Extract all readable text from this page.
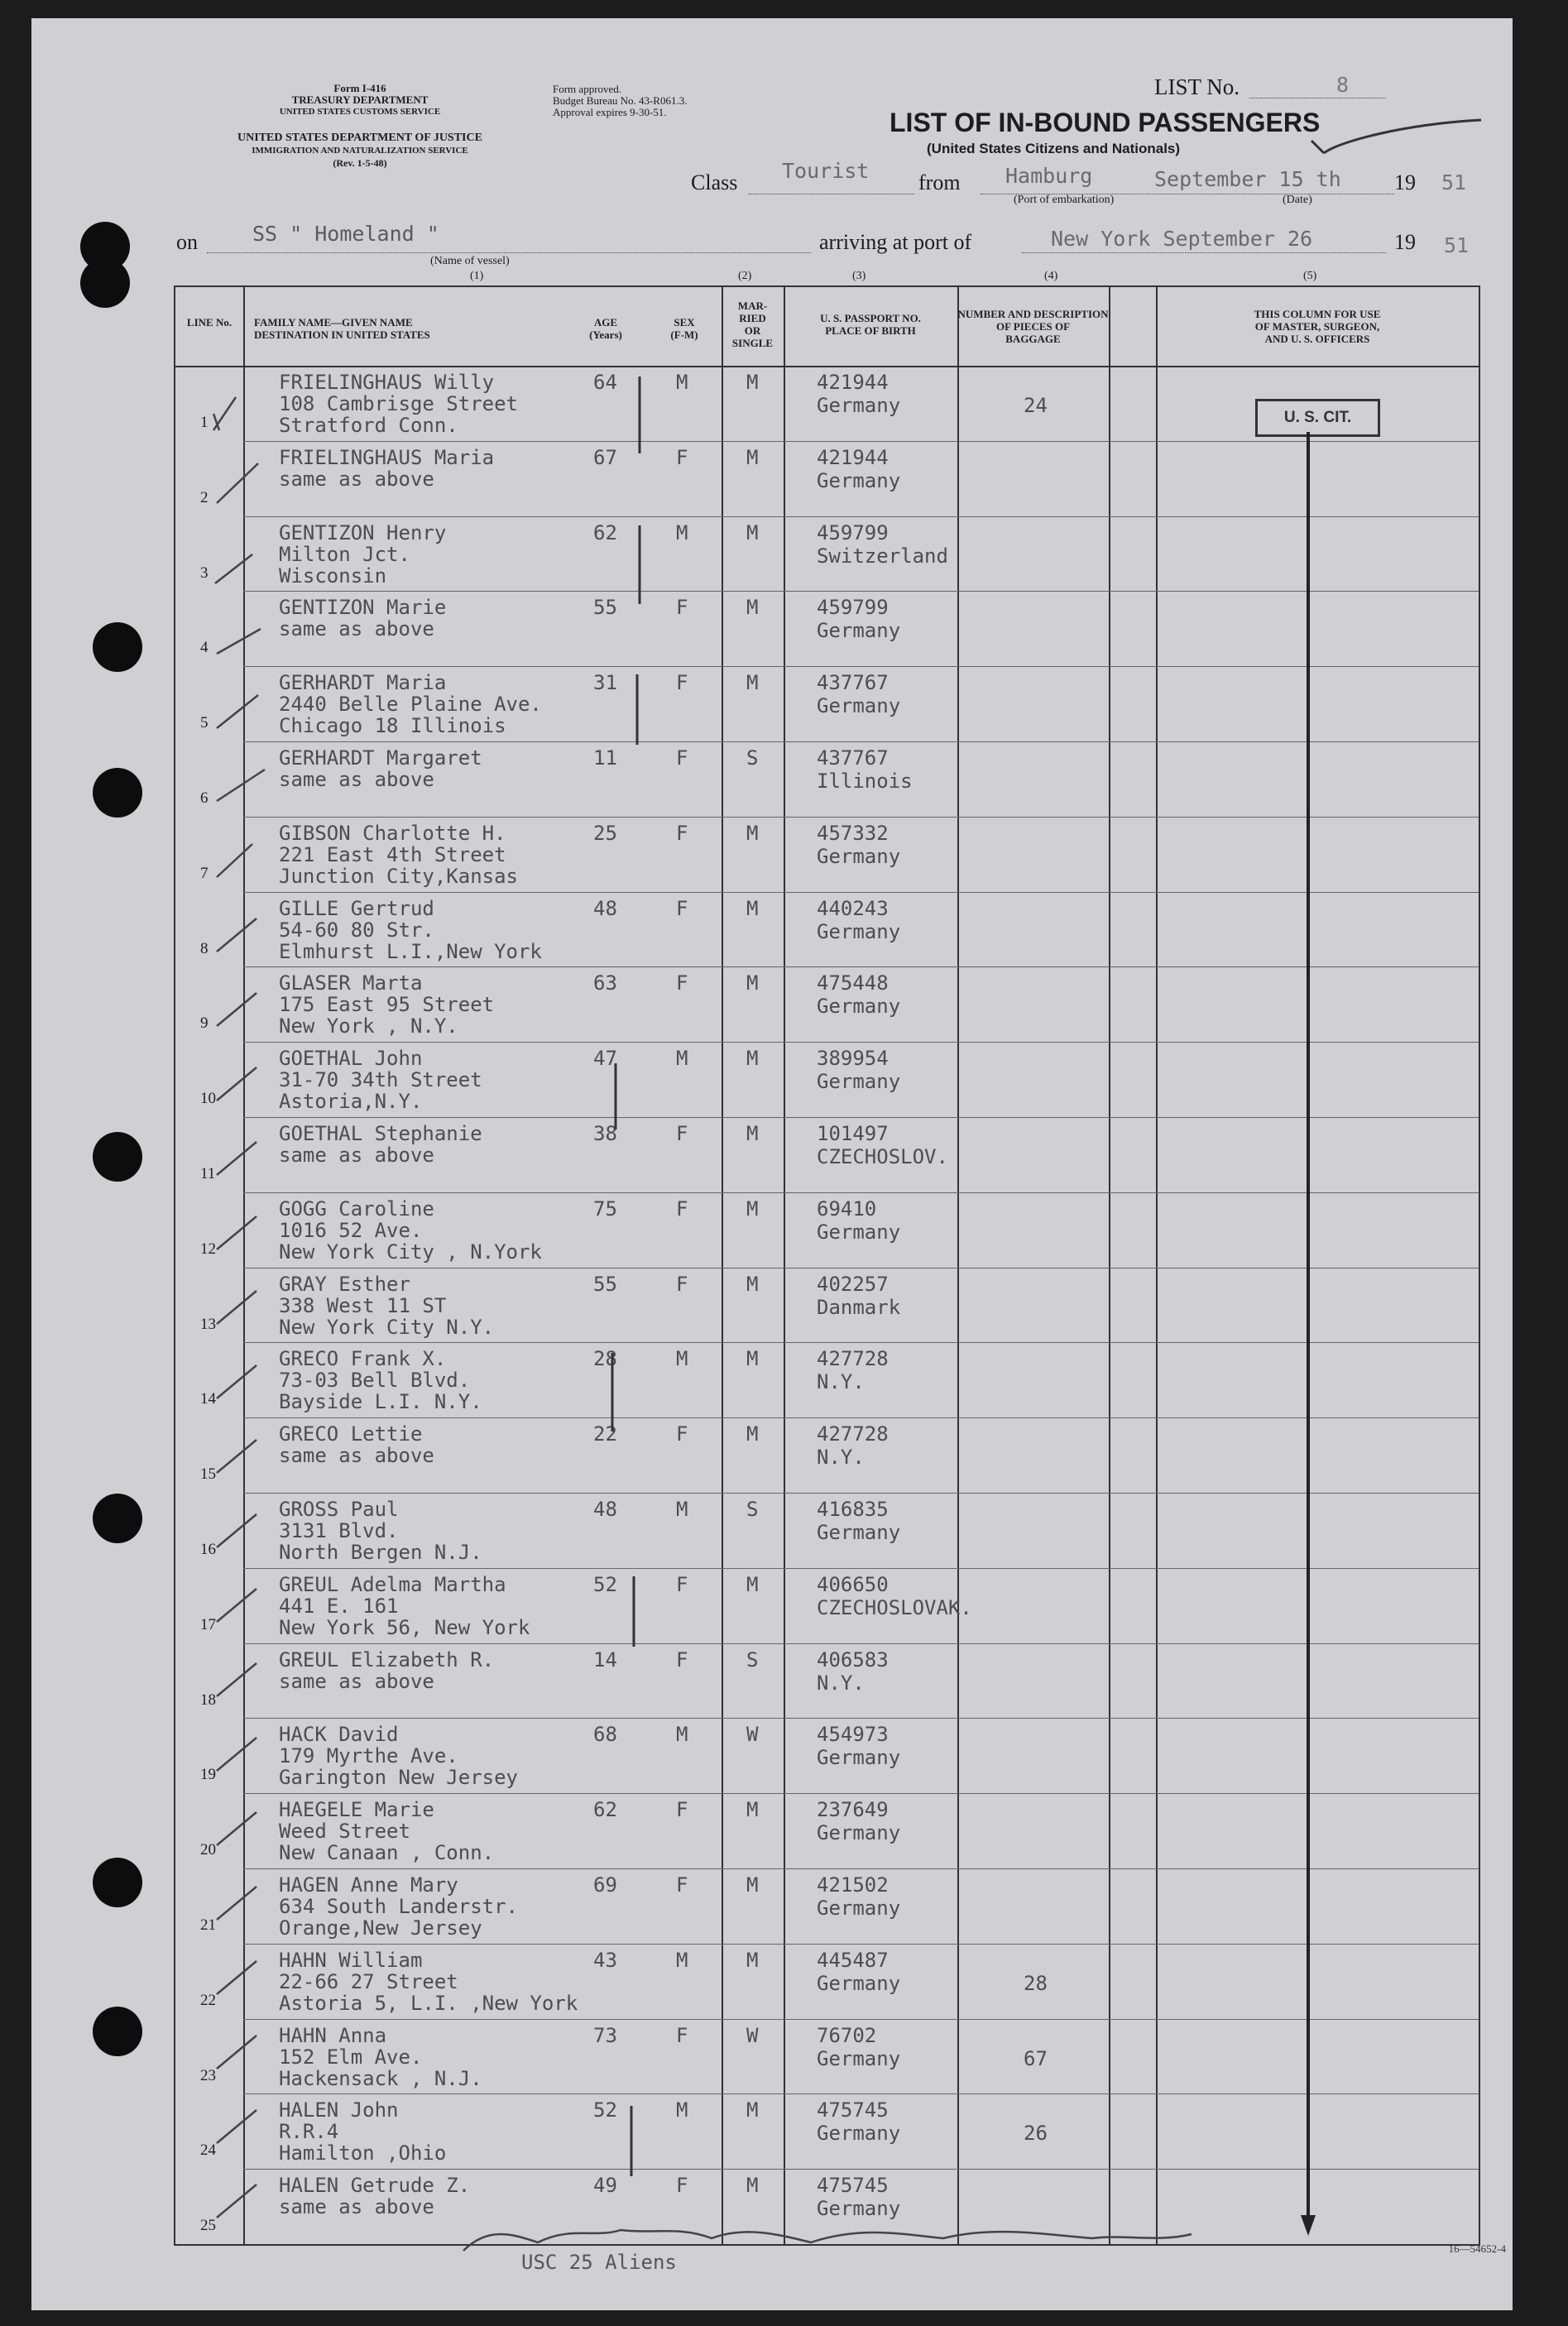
Form I-416
TREASURY DEPARTMENT
UNITED STATES CUSTOMS SERVICE
UNITED STATES DEPARTMENT OF JUSTICE
IMMIGRATION AND NATURALIZATION SERVICE
(Rev. 1-5-48)
Form approved.
Budget Bureau No. 43-R061.3.
Approval expires 9-30-51.
LIST No.	8
LIST OF IN-BOUND PASSENGERS
(United States Citizens and Nationals)
Class Tourist from Hamburg	September 15 th 19 51
(Port of embarkation)	(Date)
on	SS " Homeland "	arriving at port of	New York September 26	19 51
(Name of vessel)
(1)	(2)	(3)	(4)	(5)
LINE No.	FAMILY NAME—GIVEN NAME
DESTINATION IN UNITED STATES
AGE
(Years)
SEX
(F-M)
MAR-
RIED
OR
SINGLE
U. S. PASSPORT NO.
PLACE OF BIRTH
NUMBER AND DESCRIPTION
OF PIECES OF
BAGGAGE
THIS COLUMN FOR USE
OF MASTER, SURGEON,
AND U. S. OFFICERS
1
FRIELINGHAUS Willy
108 Cambrisge Street
Stratford Conn.
64	M	M	421944
Germany	24
2
FRIELINGHAUS Maria
same as above
67	F	M	421944
Germany
3
GENTIZON Henry
Milton Jct.
Wisconsin
62	M	M	459799
Switzerland
4
GENTIZON Marie
same as above
55	F	M	459799
Germany
5
GERHARDT Maria
2440 Belle Plaine Ave.
Chicago 18 Illinois
31	F	M	437767
Germany
6
GERHARDT Margaret
same as above
11	F	S	437767
Illinois
7
GIBSON Charlotte H.
221 East 4th Street
Junction City,Kansas
25	F	M	457332
Germany
8
GILLE Gertrud
54-60 80 Str.
Elmhurst L.I.,New York
48	F	M	440243
Germany
9
GLASER Marta
175 East 95 Street
New York , N.Y.
63	F	M	475448
Germany
10
GOETHAL John
31-70 34th Street
Astoria,N.Y.
47	M	M	389954
Germany
11
GOETHAL Stephanie
same as above
38	F	M	101497
CZECHOSLOV.
12
GOGG Caroline
1016 52 Ave.
New York City , N.York
75	F	M	69410
Germany
13
GRAY Esther
338 West 11 ST
New York City N.Y.
55	F	M	402257
Danmark
14
GRECO Frank X.
73-03 Bell Blvd.
Bayside L.I. N.Y.
28	M	M	427728
N.Y.
15
GRECO Lettie
same as above
22	F	M	427728
N.Y.
16
GROSS Paul
3131 Blvd.
North Bergen N.J.
48	M	S	416835
Germany
17
GREUL Adelma Martha
441 E. 161
New York 56, New York
52	F	M	406650
CZECHOSLOVAK.
18
GREUL Elizabeth R.
same as above
14	F	S	406583
N.Y.
19
HACK David
179 Myrthe Ave.
Garington New Jersey
68	M	W	454973
Germany
20
HAEGELE Marie
Weed Street
New Canaan , Conn.
62	F	M	237649
Germany
21
HAGEN Anne Mary
634 South Landerstr.
Orange,New Jersey
69	F	M	421502
Germany
22
HAHN William
22-66 27 Street
Astoria 5, L.I. ,New York
43	M	M	445487
Germany	28
23
HAHN Anna
152 Elm Ave.
Hackensack , N.J.
73	F	W	76702
Germany	67
24
HALEN John
R.R.4
Hamilton ,Ohio
52	M	M	475745
Germany	26
25
HALEN Getrude Z.
same as above
49	F	M	475745
Germany
U. S. CIT.
USC 25 Aliens
16—54652-4
